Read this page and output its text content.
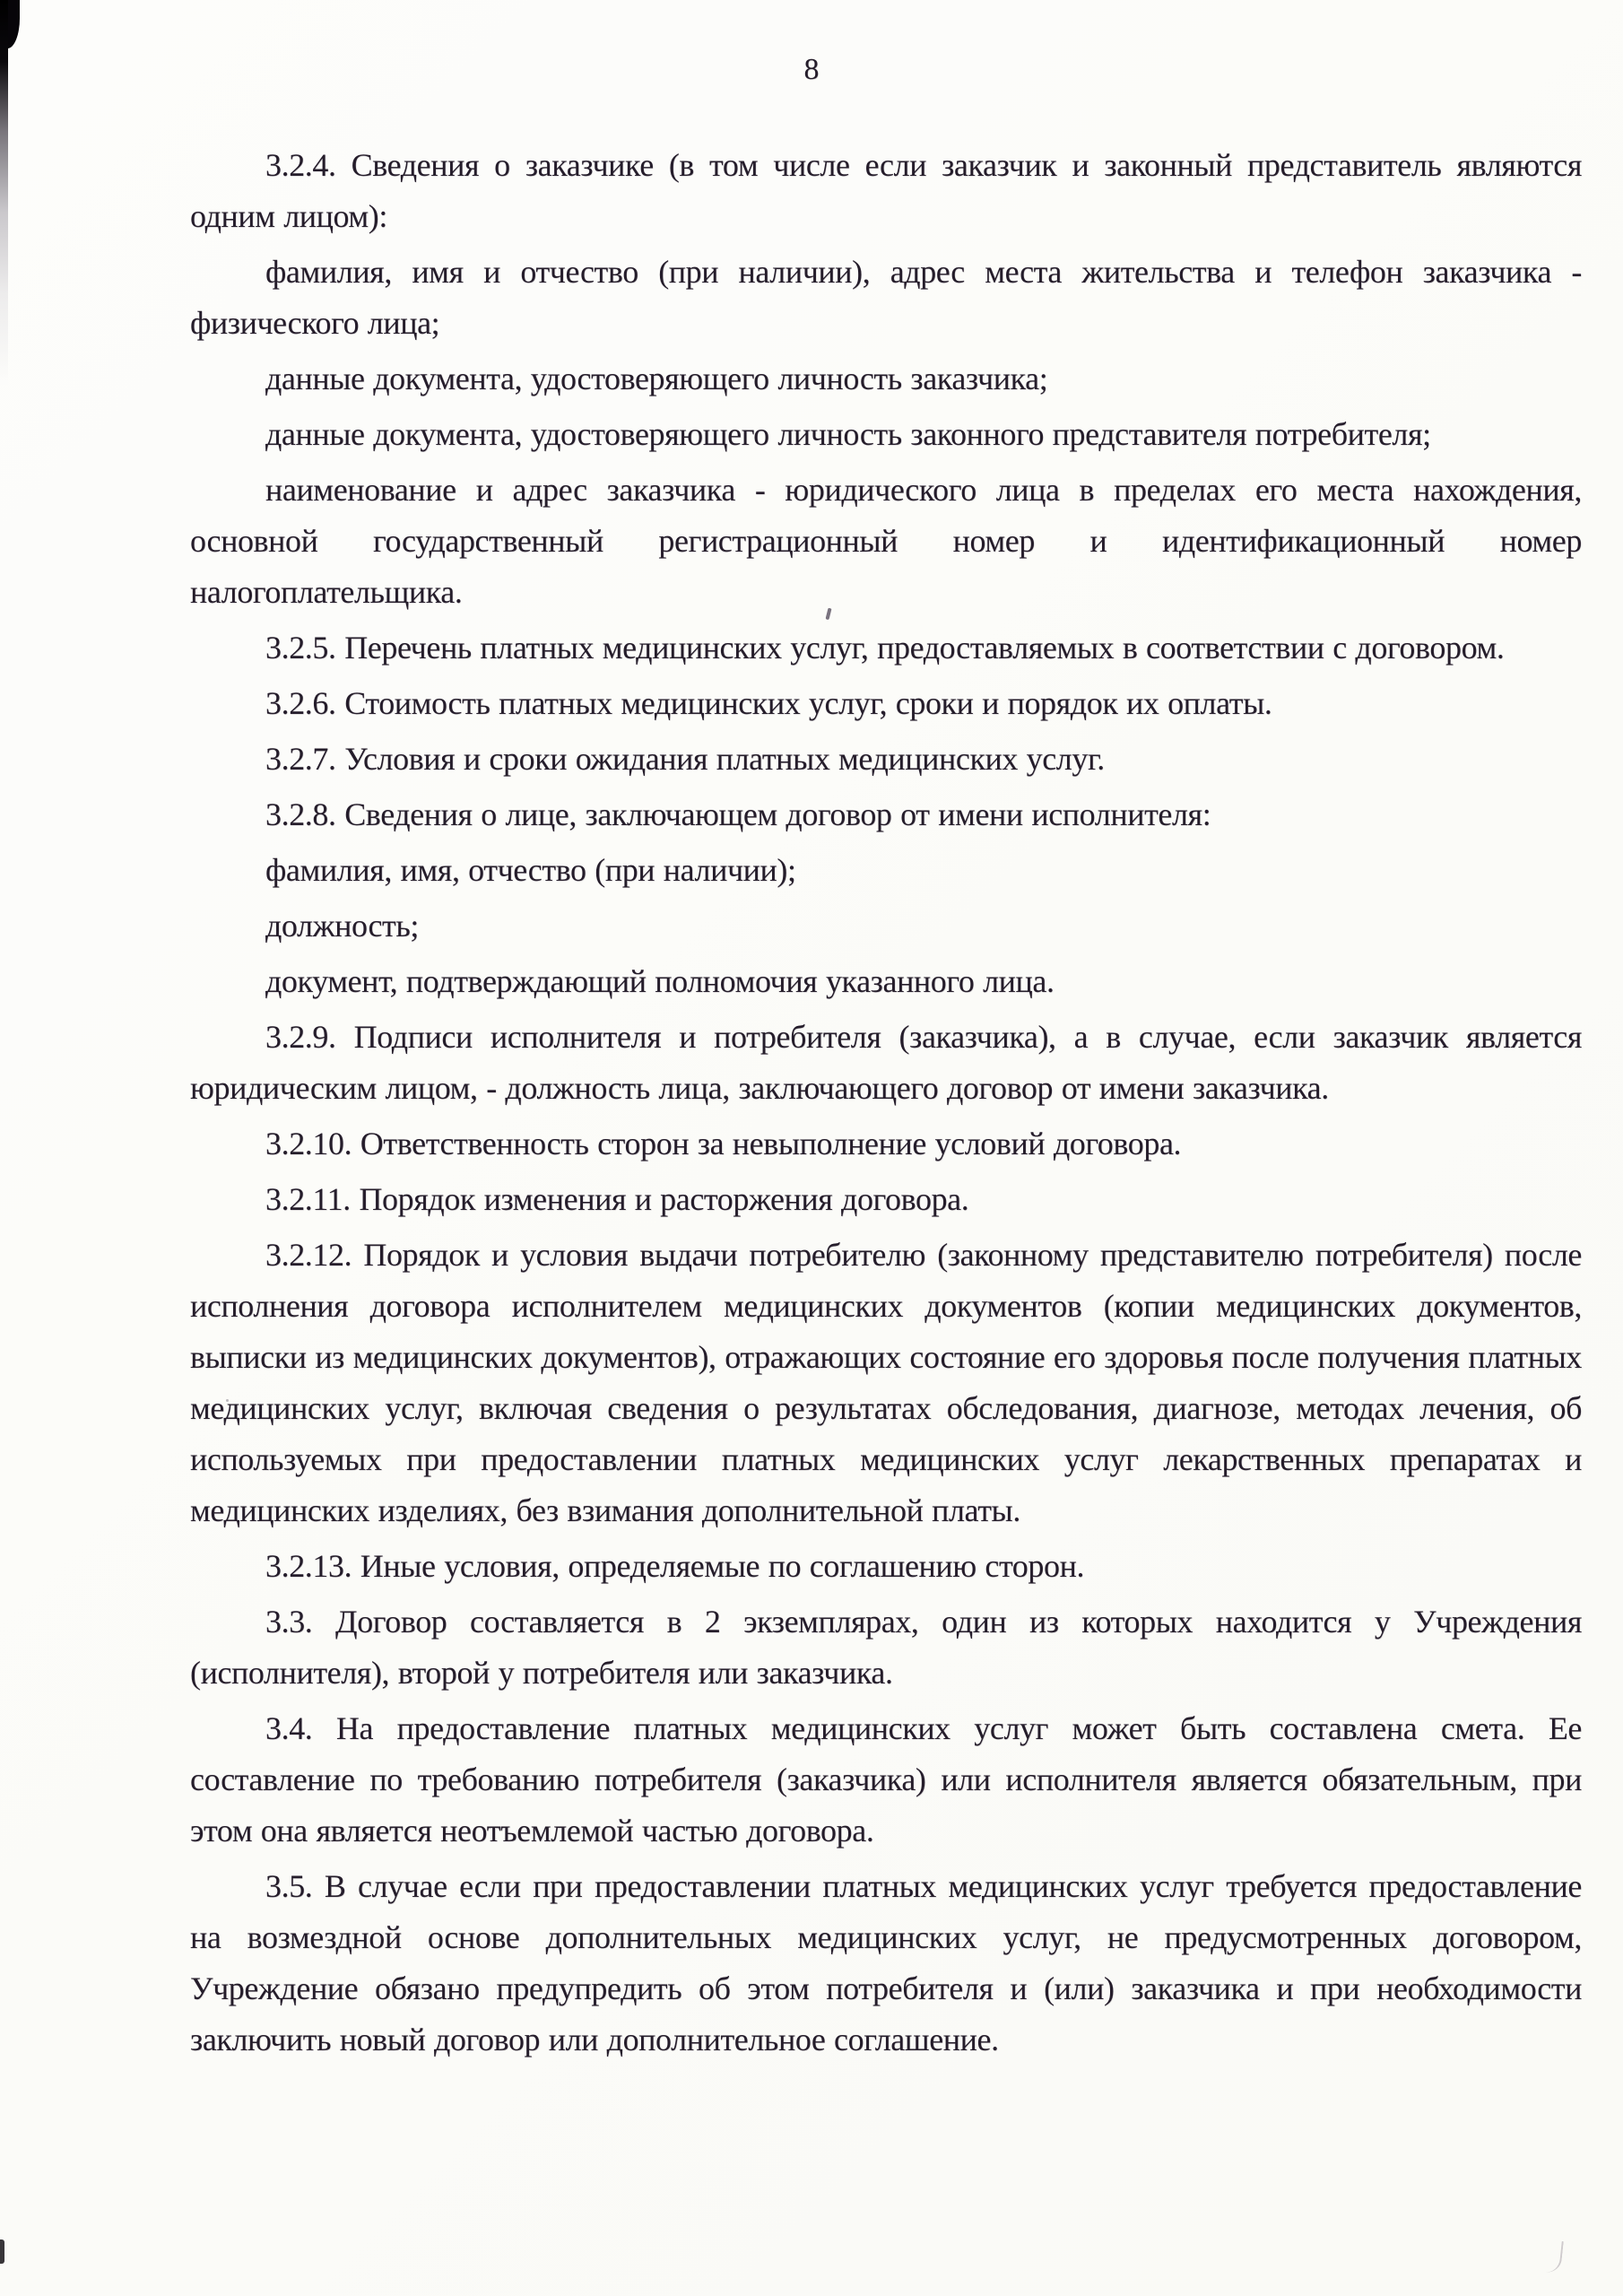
8

3.2.4. Сведения о заказчике (в том числе если заказчик и законный представитель являются одним лицом):

фамилия, имя и отчество (при наличии), адрес места жительства и телефон заказчика - физического лица;

данные документа, удостоверяющего личность заказчика;

данные документа, удостоверяющего личность законного представителя потребителя;

наименование и адрес заказчика - юридического лица в пределах его места нахождения, основной государственный регистрационный номер и идентификационный номер налогоплательщика.

3.2.5. Перечень платных медицинских услуг, предоставляемых в соответствии с договором.

3.2.6. Стоимость платных медицинских услуг, сроки и порядок их оплаты.

3.2.7. Условия и сроки ожидания платных медицинских услуг.

3.2.8. Сведения о лице, заключающем договор от имени исполнителя:

фамилия, имя, отчество (при наличии);

должность;

документ, подтверждающий полномочия указанного лица.

3.2.9. Подписи исполнителя и потребителя (заказчика), а в случае, если заказчик является юридическим лицом, - должность лица, заключающего договор от имени заказчика.

3.2.10. Ответственность сторон за невыполнение условий договора.

3.2.11. Порядок изменения и расторжения договора.

3.2.12. Порядок и условия выдачи потребителю (законному представителю потребителя) после исполнения договора исполнителем медицинских документов (копии медицинских документов, выписки из медицинских документов), отражающих состояние его здоровья после получения платных медицинских услуг, включая сведения о результатах обследования, диагнозе, методах лечения, об используемых при предоставлении платных медицинских услуг лекарственных препаратах и медицинских изделиях, без взимания дополнительной платы.

3.2.13. Иные условия, определяемые по соглашению сторон.

3.3. Договор составляется в 2 экземплярах, один из которых находится у Учреждения (исполнителя), второй у потребителя или заказчика.

3.4. На предоставление платных медицинских услуг может быть составлена смета. Ее составление по требованию потребителя (заказчика) или исполнителя является обязательным, при этом она является неотъемлемой частью договора.

3.5. В случае если при предоставлении платных медицинских услуг требуется предоставление на возмездной основе дополнительных медицинских услуг, не предусмотренных договором, Учреждение обязано предупредить об этом потребителя и (или) заказчика и при необходимости заключить новый договор или дополнительное соглашение.
